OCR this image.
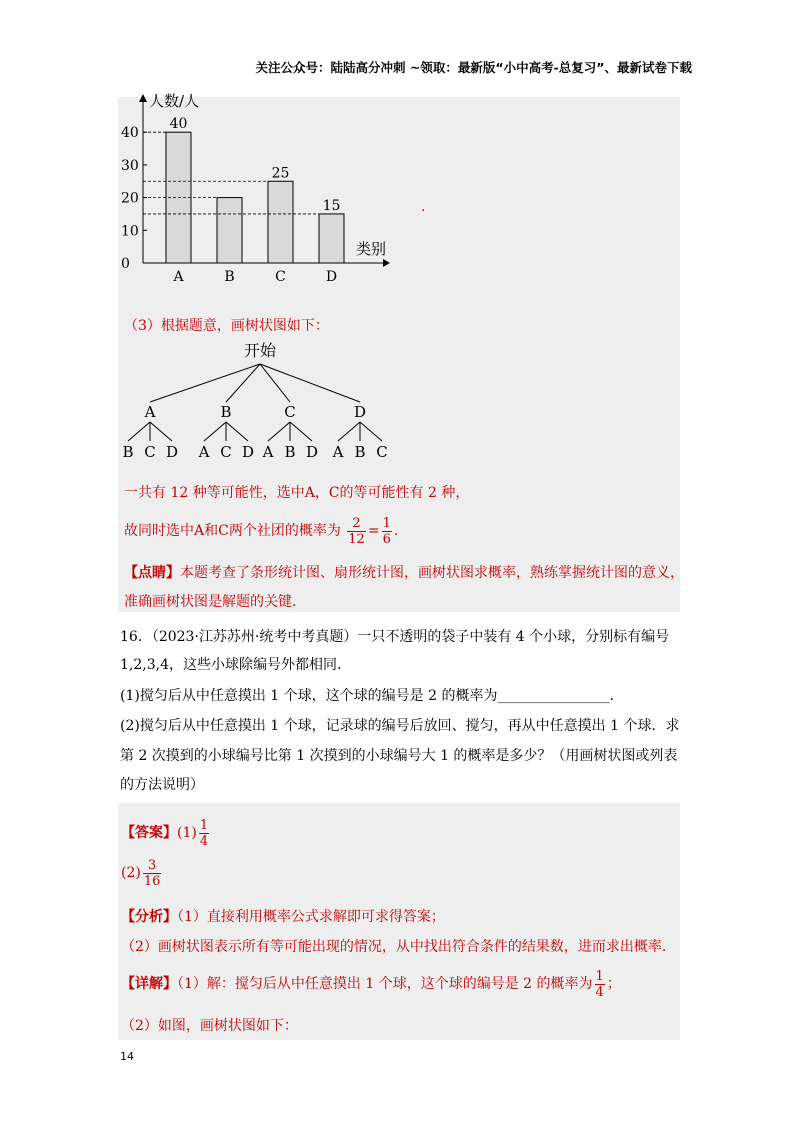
关注公众号：陆陆高分冲刺 ~领取：最新版“小中高考-总复习”、最新试卷下载
人数/人
类别
0
10
20
30
40
A
40
B	C
25
D
15	.
（3）根据题意，画树状图如下：
开始
A
B C D
B
A C D
C
A B D
D
A B C
一共有 12 种等可能性，选中A，C的等可能性有 2 种，
故同时选中A和C两个社团的概率为 $\frac{2}{12} = \frac{1}{6}$ .
【点睛】本题考查了条形统计图、扇形统计图，画树状图求概率，熟练掌握统计图的意义，
准确画树状图是解题的关键.
16．（2023·江苏苏州·统考中考真题）一只不透明的袋子中装有 4 个小球，分别标有编号
1,2,3,4，这些小球除编号外都相同.
(1)搅匀后从中任意摸出 1 个球，这个球的编号是 2 的概率为________________.
(2)搅匀后从中任意摸出 1 个球，记录球的编号后放回、搅匀，再从中任意摸出 1 个球．求
第 2 次摸到的小球编号比第 1 次摸到的小球编号大 1 的概率是多少？（用画树状图或列表
的方法说明）
【答案】$(1) \frac{1}{4}$
$(2) \frac{3}{16}$
【分析】（1）直接利用概率公式求解即可求得答案；
（2）画树状图表示所有等可能出现的情况，从中找出符合条件的结果数，进而求出概率.
【详解】（1）解：搅匀后从中任意摸出 1 个球，这个球的编号是 2 的概率为 $\frac{1}{4}$ ；
（2）如图，画树状图如下：
14
